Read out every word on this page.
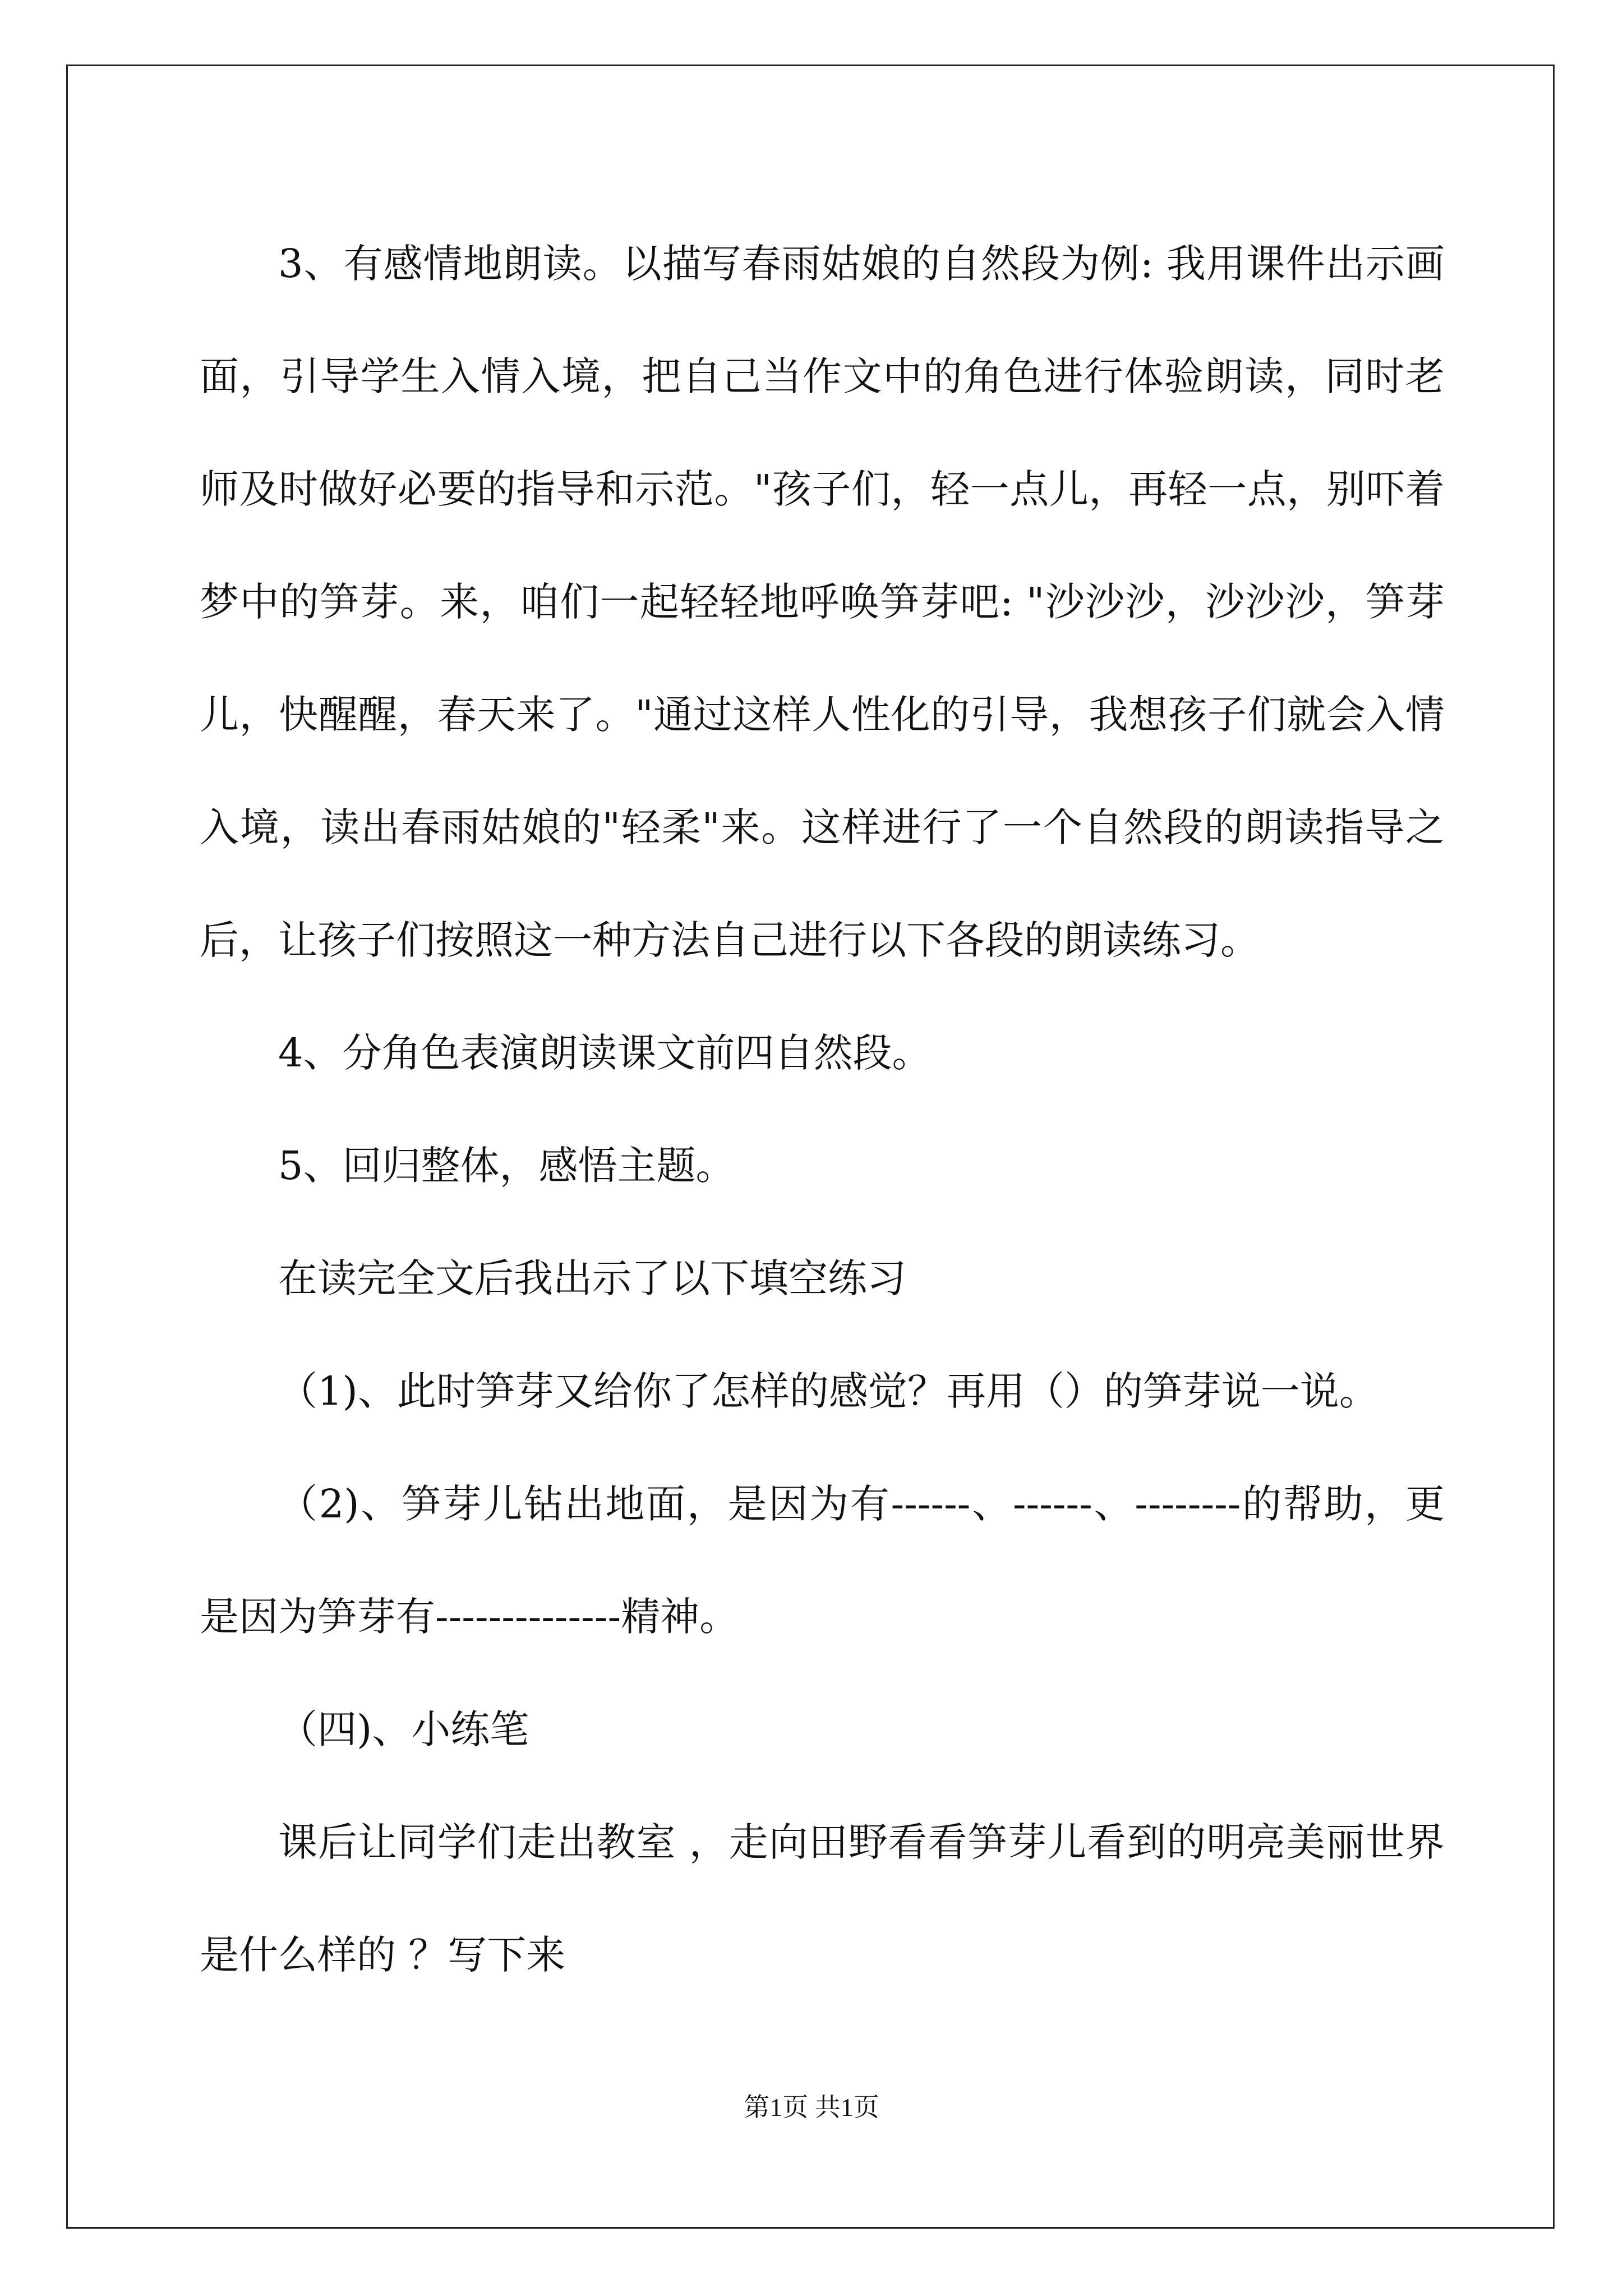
3、有感情地朗读。以描写春雨姑娘的自然段为例: 我用课件出示画面，引导学生入情入境，把自己当作文中的角色进行体验朗读，同时老师及时做好必要的指导和示范。"孩子们，轻一点儿，再轻一点，别吓着梦中的笋芽。来，咱们一起轻轻地呼唤笋芽吧: "沙沙沙，沙沙沙，笋芽儿，快醒醒，春天来了。"通过这样人性化的引导，我想孩子们就会入情入境，读出春雨姑娘的"轻柔"来。这样进行了一个自然段的朗读指导之后，让孩子们按照这一种方法自己进行以下各段的朗读练习。

4、分角色表演朗读课文前四自然段。

5、回归整体，感悟主题。

在读完全文后我出示了以下填空练习

（1)、此时笋芽又给你了怎样的感觉？再用（）的笋芽说一说。

（2)、笋芽儿钻出地面，是因为有------、------、--------的帮助，更是因为笋芽有--------------精神。

（四)、小练笔

课后让同学们走出教室 ，走向田野看看笋芽儿看到的明亮美丽世界是什么样的 ？写下来

第1页 共1页
